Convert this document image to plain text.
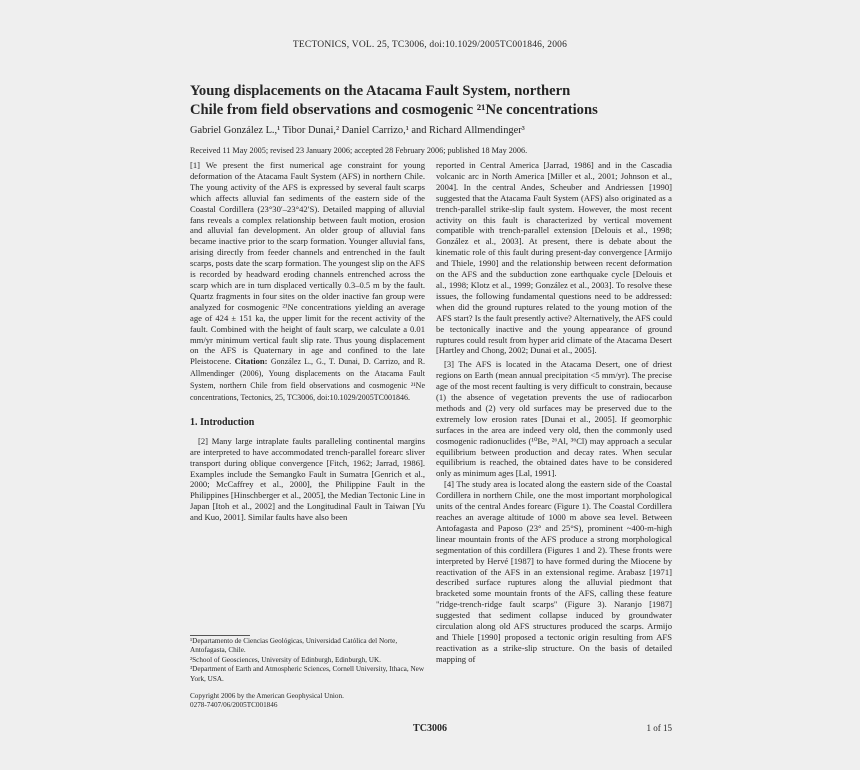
TECTONICS, VOL. 25, TC3006, doi:10.1029/2005TC001846, 2006
Young displacements on the Atacama Fault System, northern
Chile from field observations and cosmogenic ²¹Ne concentrations
Gabriel González L.,¹ Tibor Dunai,² Daniel Carrizo,¹ and Richard Allmendinger³
Received 11 May 2005; revised 23 January 2006; accepted 28 February 2006; published 18 May 2006.

[1] We present the first numerical age constraint for young deformation of the Atacama Fault System (AFS) in northern Chile. The young activity of the AFS is expressed by several fault scarps which affects alluvial fan sediments of the eastern side of the Coastal Cordillera (23°30′–23°42′S). Detailed mapping of alluvial fans reveals a complex relationship between fault motion, erosion and alluvial fan development. An older group of alluvial fans became inactive prior to the scarp formation. Younger alluvial fans, arising directly from feeder channels and entrenched in the fault scarps, posts date the scarp formation. The youngest slip on the AFS is recorded by headward eroding channels entrenched across the scarp which are in turn displaced vertically 0.3–0.5 m by the fault. Quartz fragments in four sites on the older inactive fan group were analyzed for cosmogenic ²¹Ne concentrations yielding an average age of 424 ± 151 ka, the upper limit for the recent activity of the fault. Combined with the height of fault scarp, we calculate a 0.01 mm/yr minimum vertical fault slip rate. Thus young displacement on the AFS is Quaternary in age and confined to the late Pleistocene. Citation: González L., G., T. Dunai, D. Carrizo, and R. Allmendinger (2006), Young displacements on the Atacama Fault System, northern Chile from field observations and cosmogenic ²¹Ne concentrations, Tectonics, 25, TC3006, doi:10.1029/2005TC001846.

1. Introduction

[2] Many large intraplate faults paralleling continental margins are interpreted to have accommodated trench-parallel forearc sliver transport during oblique convergence [Fitch, 1962; Jarrad, 1986]. Examples include the Semangko Fault in Sumatra [Genrich et al., 2000; McCaffrey et al., 2000], the Philippine Fault in the Philippines [Hinschberger et al., 2005], the Median Tectonic Line in Japan [Itoh et al., 2002] and the Longitudinal Fault in Taiwan [Yu and Kuo, 2001]. Similar faults have also been

¹Departamento de Ciencias Geológicas, Universidad Católica del Norte, Antofagasta, Chile.

²School of Geosciences, University of Edinburgh, Edinburgh, UK.

³Department of Earth and Atmospheric Sciences, Cornell University, Ithaca, New York, USA.

Copyright 2006 by the American Geophysical Union.

0278-7407/06/2005TC001846

reported in Central America [Jarrad, 1986] and in the Cascadia volcanic arc in North America [Miller et al., 2001; Johnson et al., 2004]. In the central Andes, Scheuber and Andriessen [1990] suggested that the Atacama Fault System (AFS) also originated as a trench-parallel strike-slip fault system. However, the most recent activity on this fault is characterized by vertical movement compatible with trench-parallel extension [Delouis et al., 1998; González et al., 2003]. At present, there is debate about the kinematic role of this fault during present-day convergence [Armijo and Thiele, 1990] and the relationship between recent deformation on the AFS and the subduction zone earthquake cycle [Delouis et al., 1998; Klotz et al., 1999; González et al., 2003]. To resolve these issues, the following fundamental questions need to be addressed: when did the ground ruptures related to the young motion of the AFS start? Is the fault presently active? Alternatively, the AFS could be tectonically inactive and the young appearance of ground ruptures could result from hyper arid climate of the Atacama Desert [Hartley and Chong, 2002; Dunai et al., 2005].

[3] The AFS is located in the Atacama Desert, one of driest regions on Earth (mean annual precipitation <5 mm/yr). The precise age of the most recent faulting is very difficult to constrain, because (1) the absence of vegetation prevents the use of radiocarbon methods and (2) very old surfaces may be preserved due to the extremely low erosion rates [Dunai et al., 2005]. If geomorphic surfaces in the area are indeed very old, then the commonly used cosmogenic radionuclides (¹⁰Be, ²⁶Al, ³⁶Cl) may approach a secular equilibrium between production and decay rates. When secular equilibrium is reached, the obtained dates have to be considered only as minimum ages [Lal, 1991].

[4] The study area is located along the eastern side of the Coastal Cordillera in northern Chile, one the most important morphological units of the central Andes forearc (Figure 1). The Coastal Cordillera reaches an average altitude of 1000 m above sea level. Between Antofagasta and Paposo (23° and 25°S), prominent ~400-m-high linear mountain fronts of the AFS produce a strong morphological segmentation of this cordillera (Figures 1 and 2). These fronts were interpreted by Hervé [1987] to have formed during the Miocene by reactivation of the AFS in an extensional regime. Arabasz [1971] described surface ruptures along the alluvial piedmont that bracketed some mountain fronts of the AFS, calling these feature "ridge-trench-ridge fault scarps" (Figure 3). Naranjo [1987] suggested that sediment collapse induced by groundwater circulation along old AFS structures produced the scarps. Armijo and Thiele [1990] proposed a tectonic origin resulting from AFS reactivation as a strike-slip structure. On the basis of detailed mapping of

TC3006	1 of 15
